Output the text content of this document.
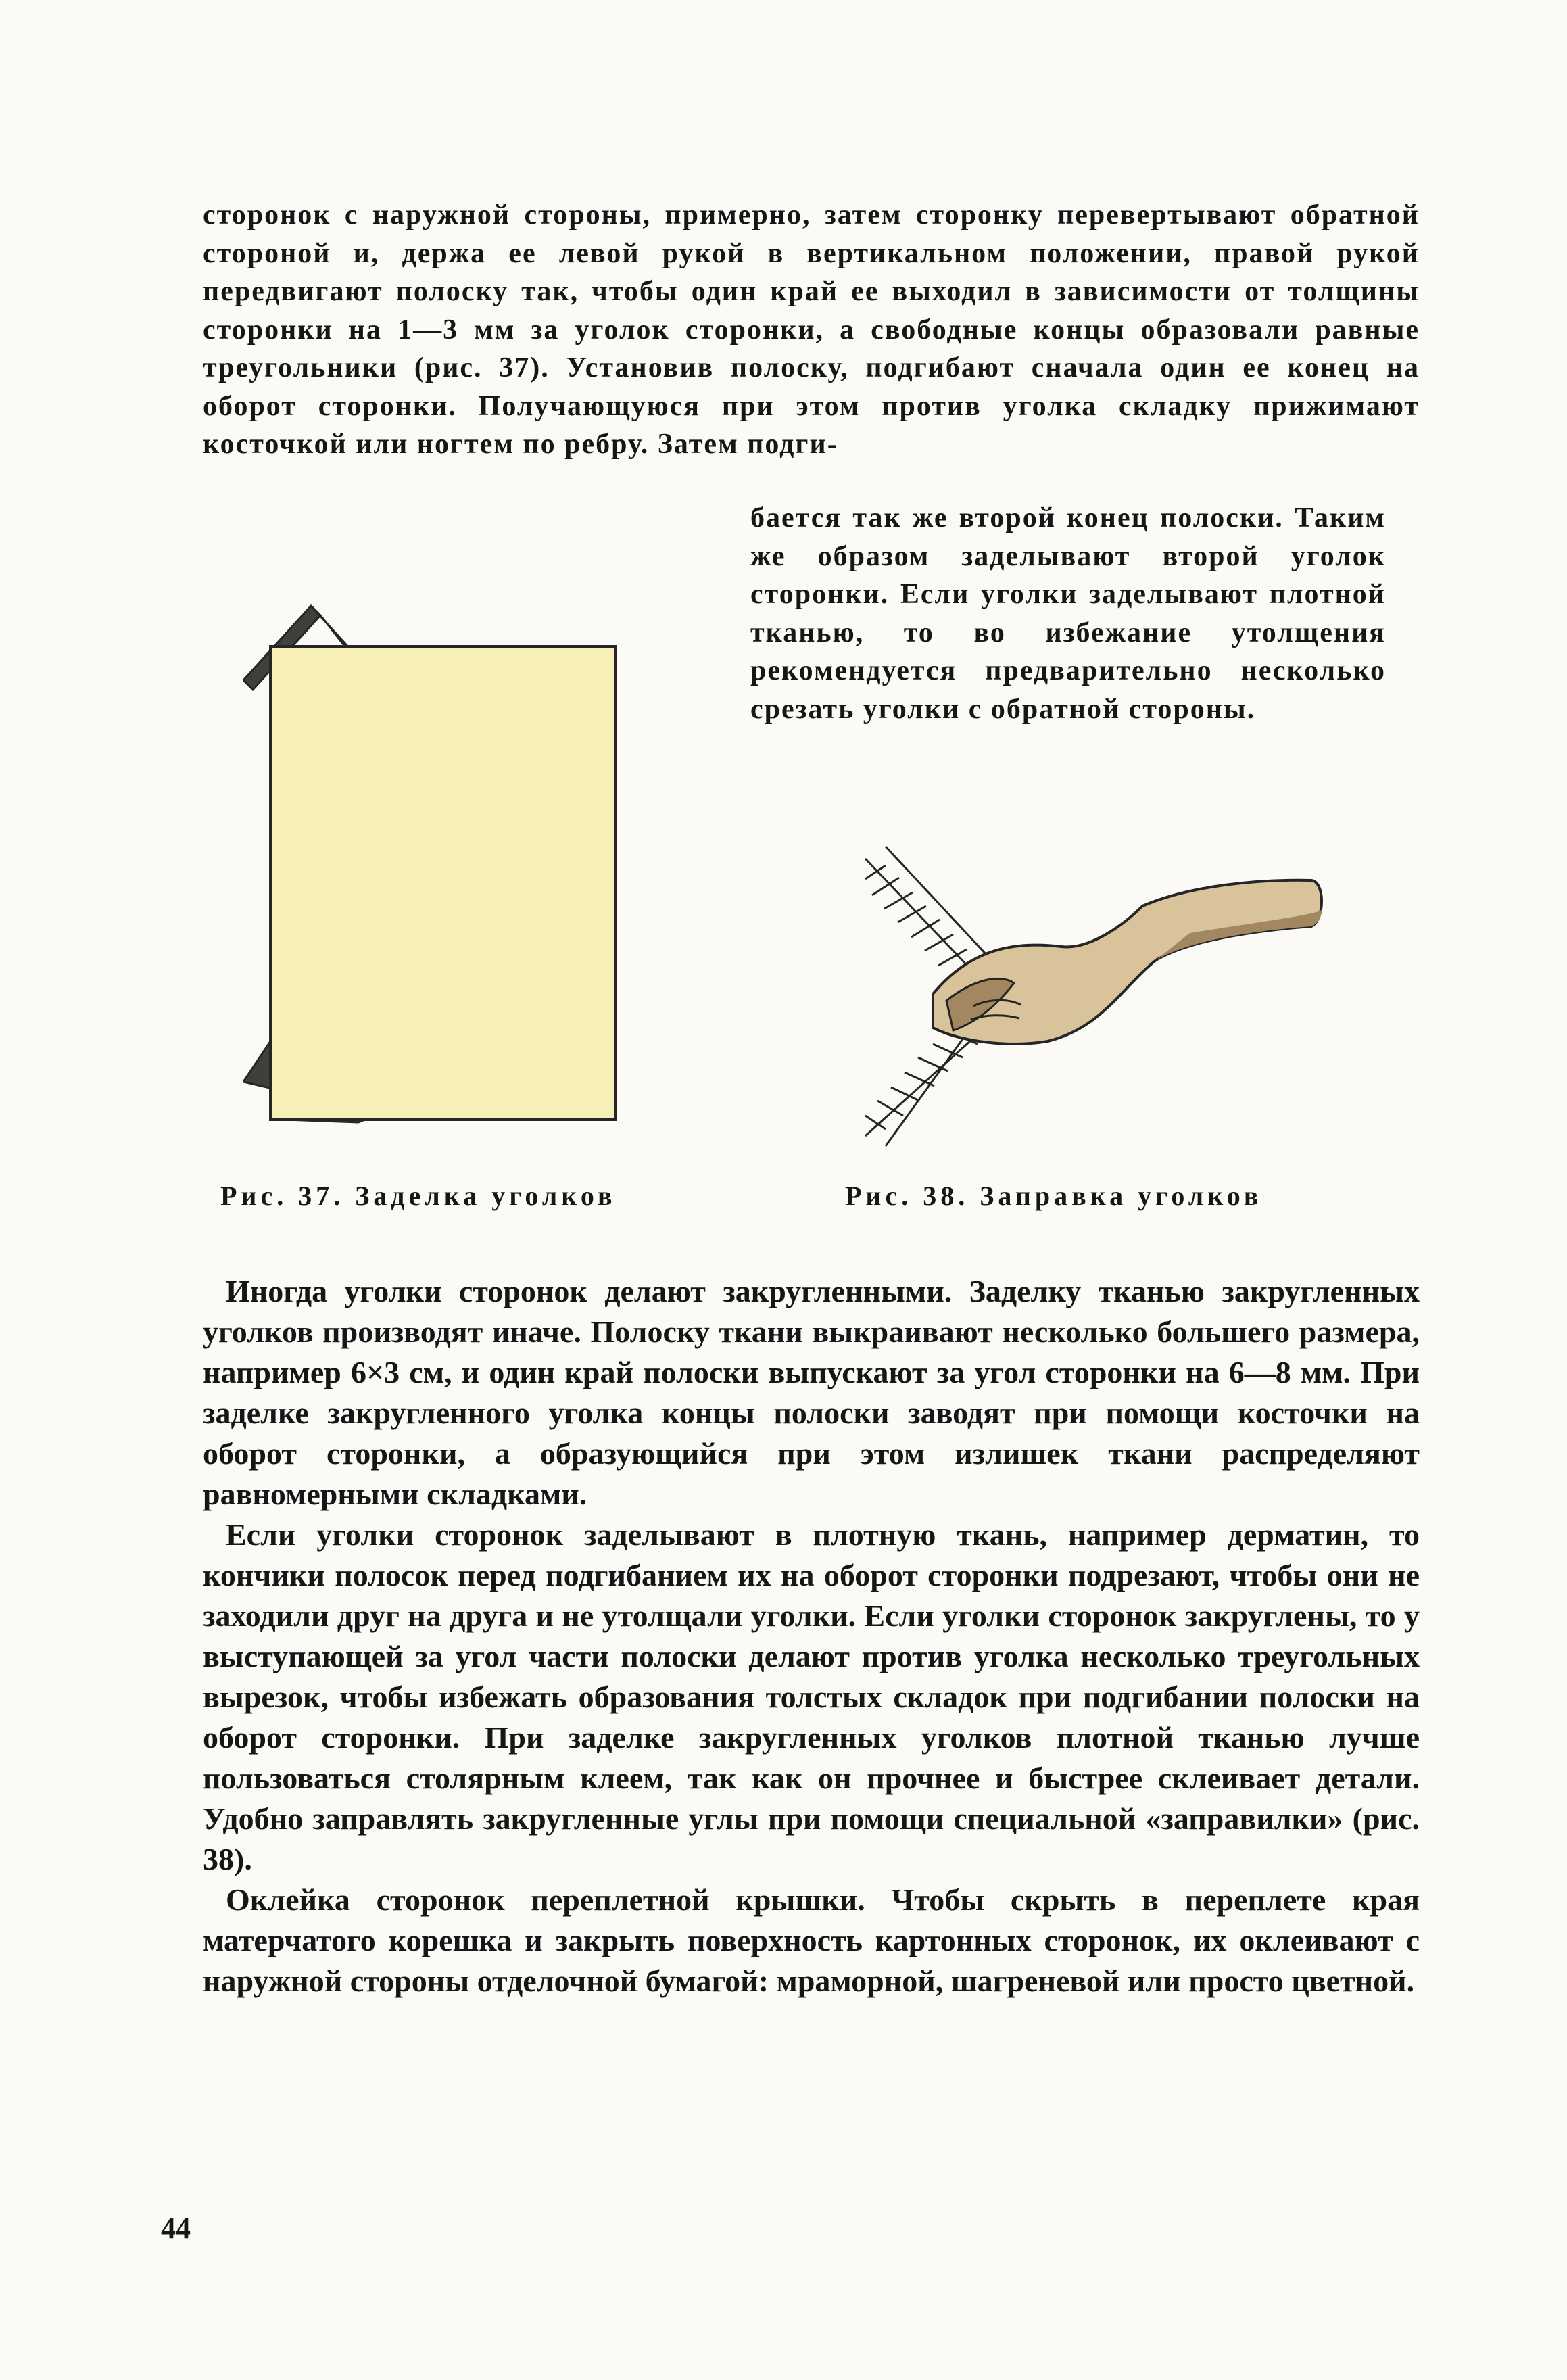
сторонок с наружной стороны, примерно, затем сторонку перевертывают обратной стороной и, держа ее левой рукой в вертикальном положении, правой рукой передвигают полоску так, чтобы один край ее выходил в зависимости от толщины сторонки на 1—3 мм за уголок сторонки, а свободные концы образовали равные треугольники (рис. 37). Установив полоску, подгибают сначала один ее конец на оборот сторонки. Получающуюся при этом против уголка складку прижимают косточкой или ногтем по ребру. Затем подги-

бается так же второй конец полоски. Таким же образом заделывают второй уголок сторонки. Если уголки заделывают плотной тканью, то во избежание утолщения рекомендуется предварительно несколько срезать уголки с обратной стороны.
Рис. 37. Заделка уголков	Рис. 38. Заправка уголков

Иногда уголки сторонок делают закругленными. Заделку тканью закругленных уголков производят иначе. Полоску ткани выкраивают несколько большего размера, например 6×3 см, и один край полоски выпускают за угол сторонки на 6—8 мм. При заделке закругленного уголка концы полоски заводят при помощи косточки на оборот сторонки, а образующийся при этом излишек ткани распределяют равномерными складками.

Если уголки сторонок заделывают в плотную ткань, например дерматин, то кончики полосок перед подгибанием их на оборот сторонки подрезают, чтобы они не заходили друг на друга и не утолщали уголки. Если уголки сторонок закруглены, то у выступающей за угол части полоски делают против уголка несколько треугольных вырезок, чтобы избежать образования толстых складок при подгибании полоски на оборот сторонки. При заделке закругленных уголков плотной тканью лучше пользоваться столярным клеем, так как он прочнее и быстрее склеивает детали. Удобно заправлять закругленные углы при помощи специальной «заправилки» (рис. 38).

Оклейка сторонок переплетной крышки. Чтобы скрыть в переплете края матерчатого корешка и закрыть поверхность картонных сторонок, их оклеивают с наружной стороны отделочной бумагой: мраморной, шагреневой или просто цветной.

44
